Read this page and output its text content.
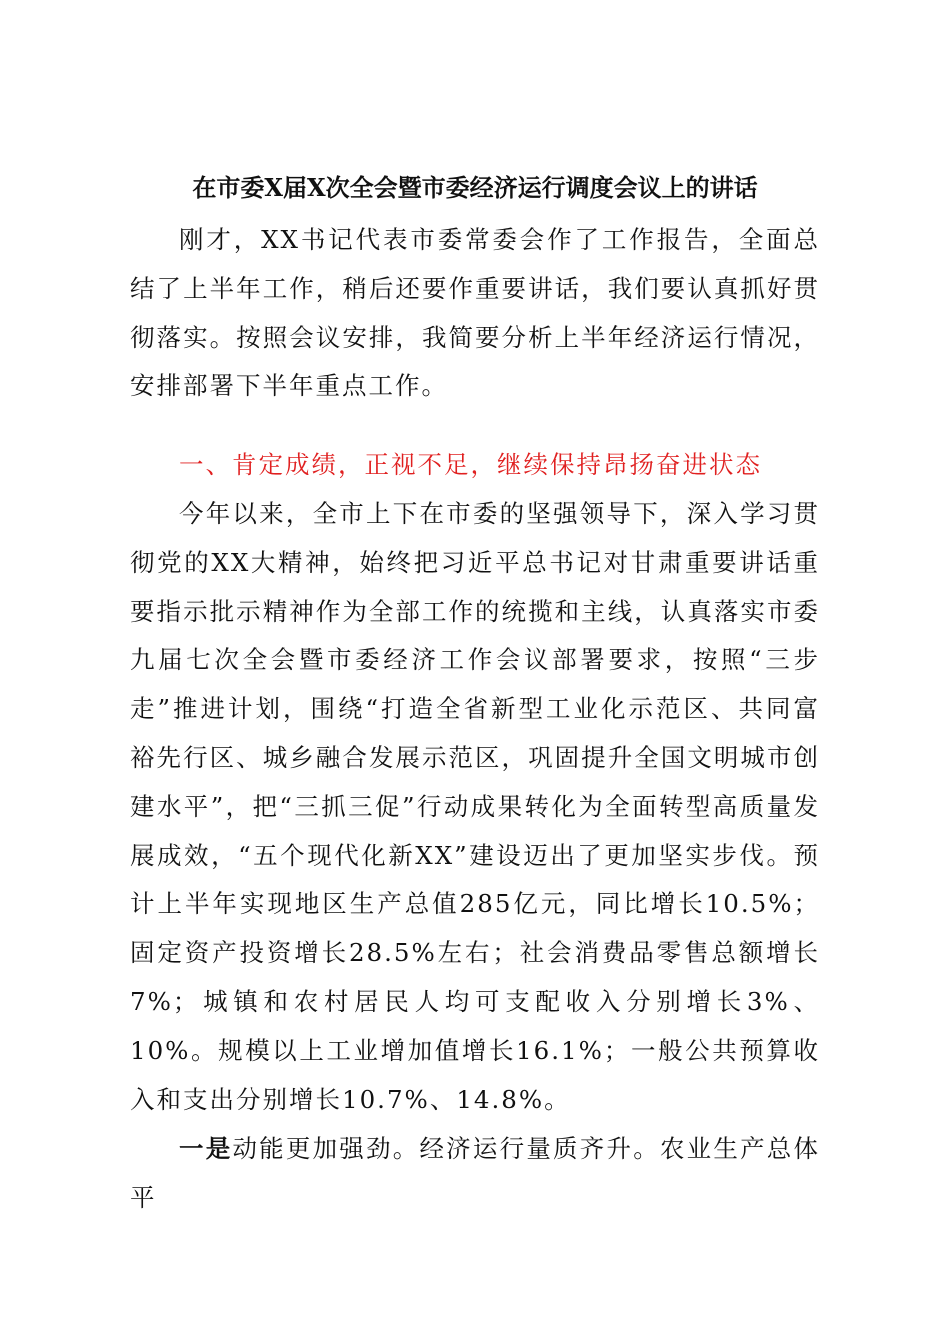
在市委X届X次全会暨市委经济运行调度会议上的讲话

刚才，XX书记代表市委常委会作了工作报告，全面总结了上半年工作，稍后还要作重要讲话，我们要认真抓好贯彻落实。按照会议安排，我简要分析上半年经济运行情况，安排部署下半年重点工作。

一、肯定成绩，正视不足，继续保持昂扬奋进状态

今年以来，全市上下在市委的坚强领导下，深入学习贯彻党的XX大精神，始终把习近平总书记对甘肃重要讲话重要指示批示精神作为全部工作的统揽和主线，认真落实市委九届七次全会暨市委经济工作会议部署要求，按照“三步走”推进计划，围绕“打造全省新型工业化示范区、共同富裕先行区、城乡融合发展示范区，巩固提升全国文明城市创建水平”，把“三抓三促”行动成果转化为全面转型高质量发展成效，“五个现代化新XX”建设迈出了更加坚实步伐。预计上半年实现地区生产总值285亿元，同比增长10.5%；固定资产投资增长28.5%左右；社会消费品零售总额增长7%；城镇和农村居民人均可支配收入分别增长3%、10%。规模以上工业增加值增长16.1%；一般公共预算收入和支出分别增长10.7%、14.8%。

一是动能更加强劲。经济运行量质齐升。农业生产总体平
